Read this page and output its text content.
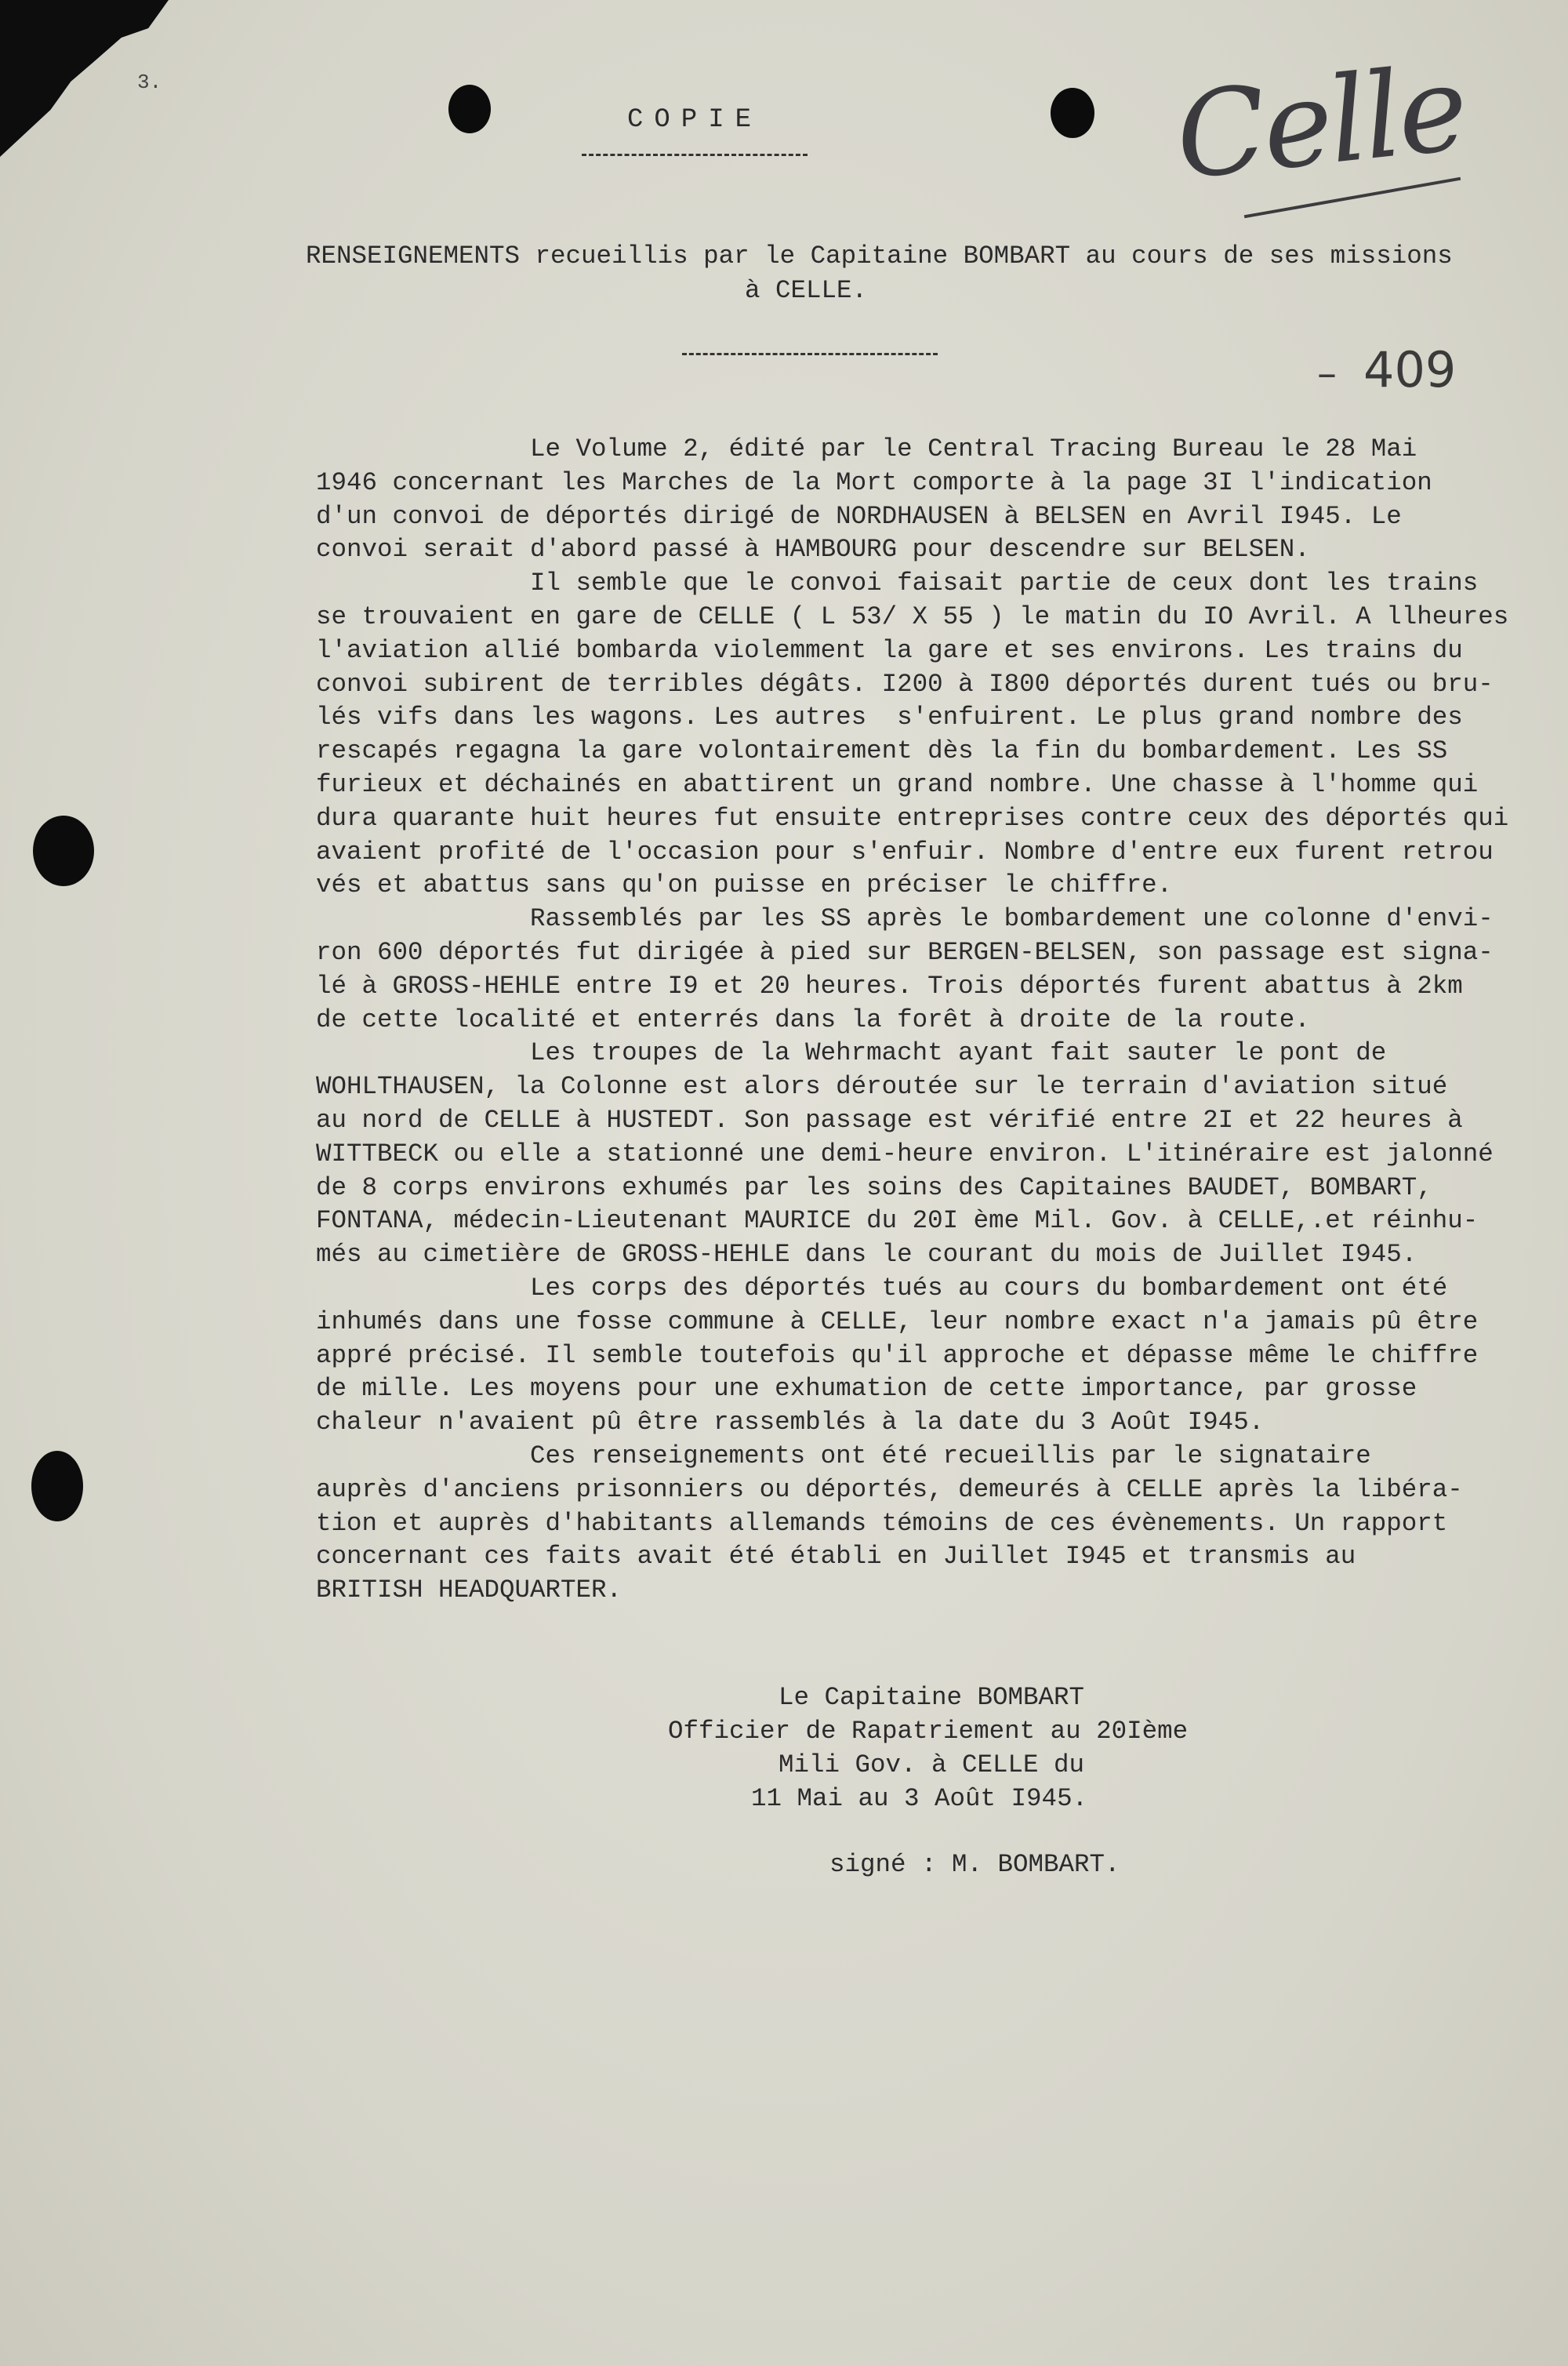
3.
COPIE	Celle
RENSEIGNEMENTS recueillis par le Capitaine BOMBART au cours de ses missions
à CELLE.
– 409
Le Volume 2, édité par le Central Tracing Bureau le 28 Mai
1946 concernant les Marches de la Mort comporte à la page 3I l'indication
d'un convoi de déportés dirigé de NORDHAUSEN à BELSEN en Avril I945. Le
convoi serait d'abord passé à HAMBOURG pour descendre sur BELSEN.
Il semble que le convoi faisait partie de ceux dont les trains
se trouvaient en gare de CELLE ( L 53/ X 55 ) le matin du IO Avril. A llheures
l'aviation allié bombarda violemment la gare et ses environs. Les trains du
convoi subirent de terribles dégâts. I200 à I800 déportés durent tués ou bru-
lés vifs dans les wagons. Les autres  s'enfuirent. Le plus grand nombre des
rescapés regagna la gare volontairement dès la fin du bombardement. Les SS
furieux et déchainés en abattirent un grand nombre. Une chasse à l'homme qui
dura quarante huit heures fut ensuite entreprises contre ceux des déportés qui
avaient profité de l'occasion pour s'enfuir. Nombre d'entre eux furent retrou
vés et abattus sans qu'on puisse en préciser le chiffre.
Rassemblés par les SS après le bombardement une colonne d'envi-
ron 600 déportés fut dirigée à pied sur BERGEN-BELSEN, son passage est signa-
lé à GROSS-HEHLE entre I9 et 20 heures. Trois déportés furent abattus à 2km
de cette localité et enterrés dans la forêt à droite de la route.
Les troupes de la Wehrmacht ayant fait sauter le pont de
WOHLTHAUSEN, la Colonne est alors déroutée sur le terrain d'aviation situé
au nord de CELLE à HUSTEDT. Son passage est vérifié entre 2I et 22 heures à
WITTBECK ou elle a stationné une demi-heure environ. L'itinéraire est jalonné
de 8 corps environs exhumés par les soins des Capitaines BAUDET, BOMBART,
FONTANA, médecin-Lieutenant MAURICE du 20I ème Mil. Gov. à CELLE,.et réinhu-
més au cimetière de GROSS-HEHLE dans le courant du mois de Juillet I945.
Les corps des déportés tués au cours du bombardement ont été
inhumés dans une fosse commune à CELLE, leur nombre exact n'a jamais pû être
appré précisé. Il semble toutefois qu'il approche et dépasse même le chiffre
de mille. Les moyens pour une exhumation de cette importance, par grosse
chaleur n'avaient pû être rassemblés à la date du 3 Août I945.
Ces renseignements ont été recueillis par le signataire
auprès d'anciens prisonniers ou déportés, demeurés à CELLE après la libéra-
tion et auprès d'habitants allemands témoins de ces évènements. Un rapport
concernant ces faits avait été établi en Juillet I945 et transmis au
BRITISH HEADQUARTER.
Le Capitaine BOMBART
Officier de Rapatriement au 20Ième
Mili Gov. à CELLE du
11 Mai au 3 Août I945.
signé : M. BOMBART.
